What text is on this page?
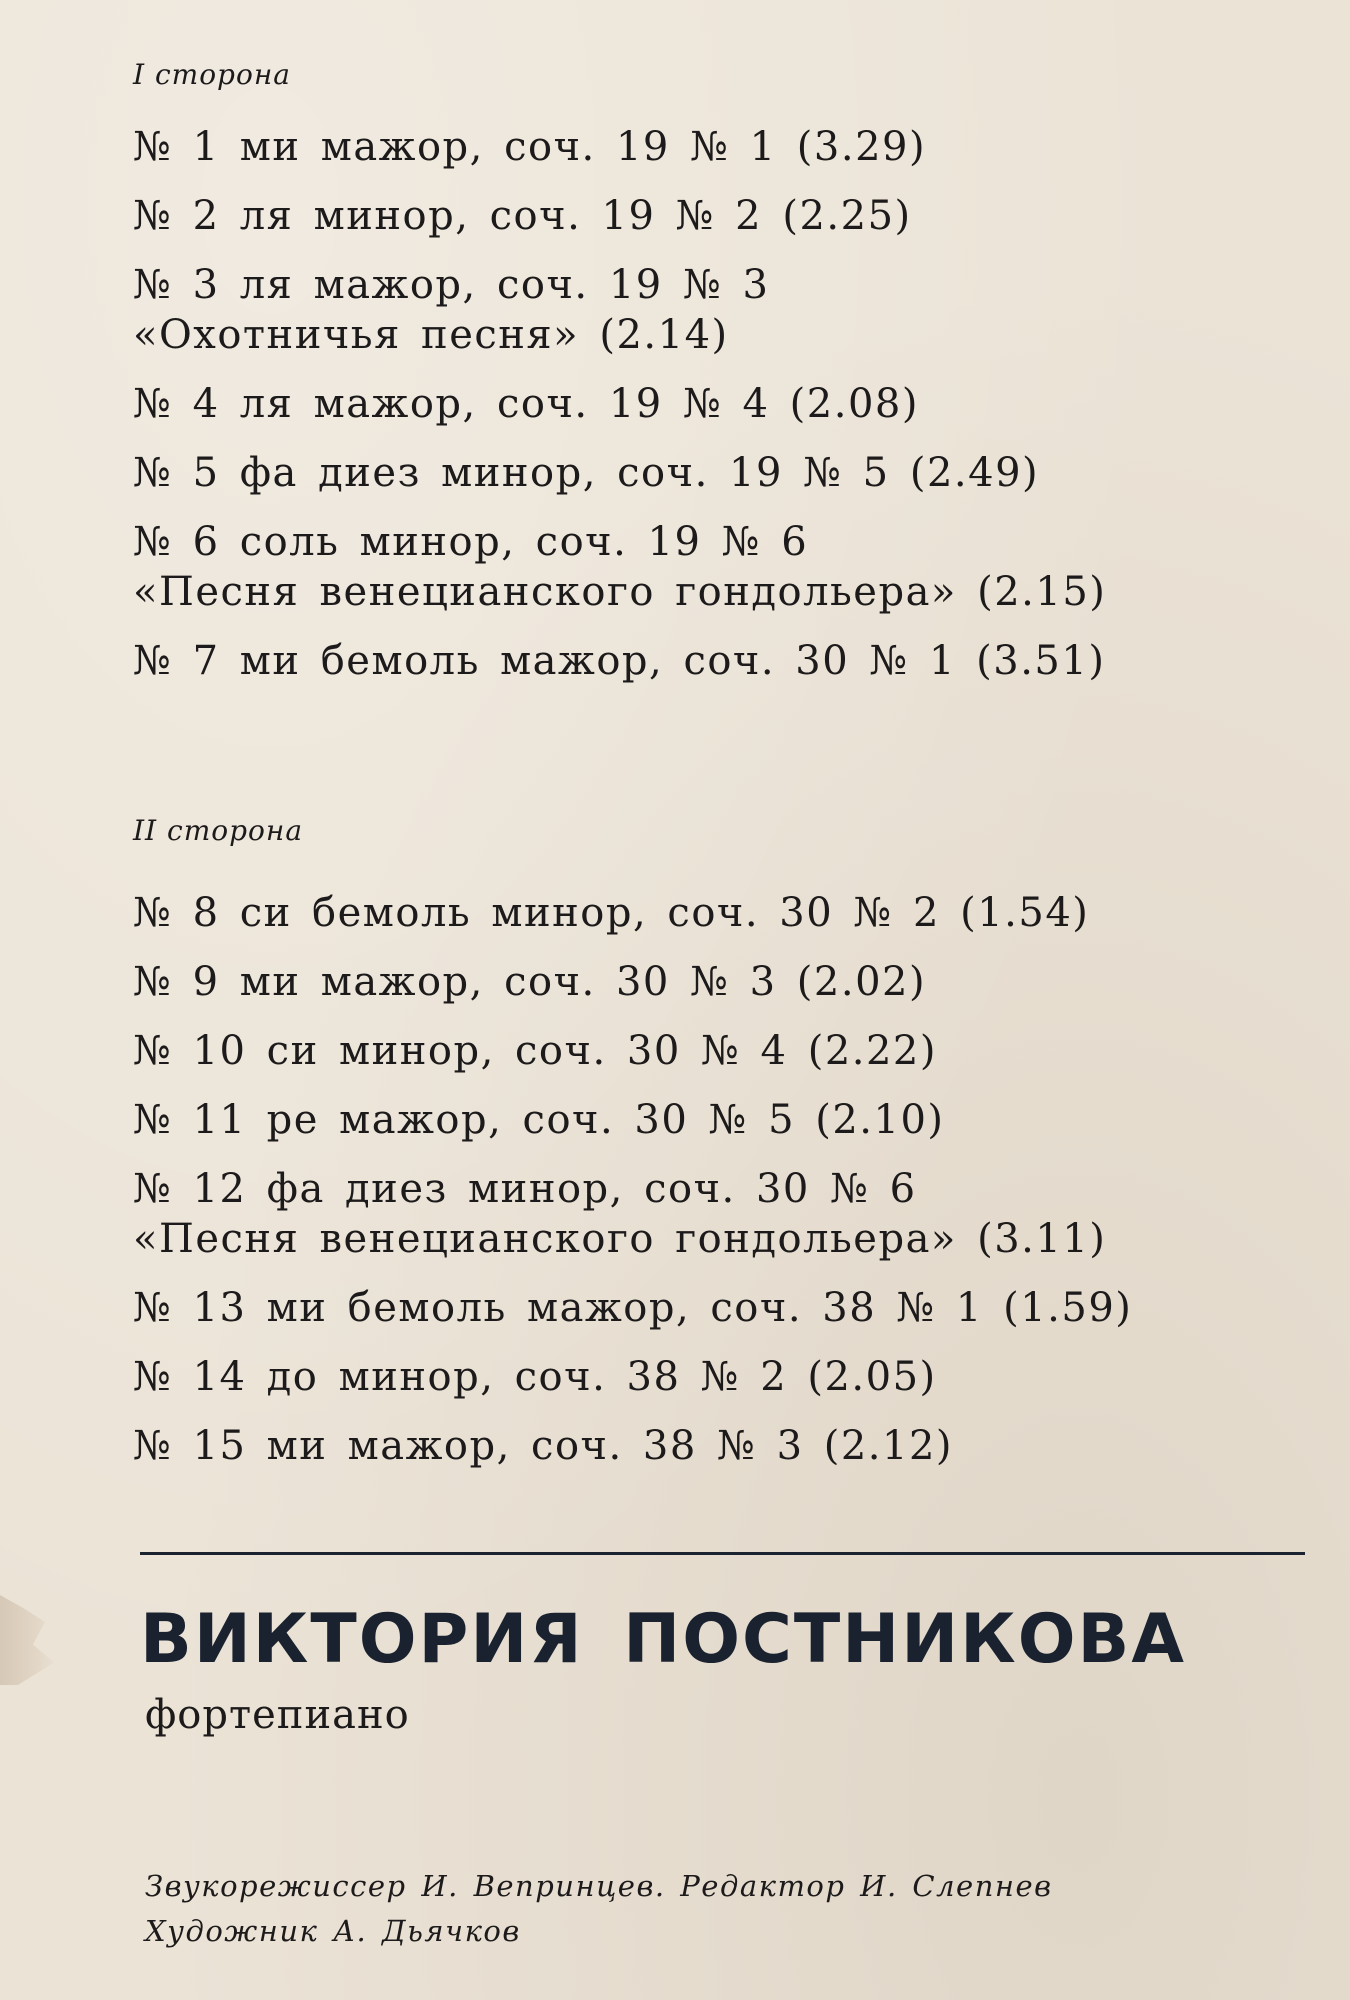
I сторона
№ 1 ми мажор, соч. 19 № 1 (3.29)
№ 2 ля минор, соч. 19 № 2 (2.25)
№ 3 ля мажор, соч. 19 № 3
«Охотничья песня» (2.14)
№ 4 ля мажор, соч. 19 № 4 (2.08)
№ 5 фа диез минор, соч. 19 № 5 (2.49)
№ 6 соль минор, соч. 19 № 6
«Песня венецианского гондольера» (2.15)
№ 7 ми бемоль мажор, соч. 30 № 1 (3.51)
II сторона
№ 8 си бемоль минор, соч. 30 № 2 (1.54)
№ 9 ми мажор, соч. 30 № 3 (2.02)
№ 10 си минор, соч. 30 № 4 (2.22)
№ 11 ре мажор, соч. 30 № 5 (2.10)
№ 12 фа диез минор, соч. 30 № 6
«Песня венецианского гондольера» (3.11)
№ 13 ми бемоль мажор, соч. 38 № 1 (1.59)
№ 14 до минор, соч. 38 № 2 (2.05)
№ 15 ми мажор, соч. 38 № 3 (2.12)
ВИКТОРИЯ ПОСТНИКОВА
фортепиано
Звукорежиссер И. Вепринцев. Редактор И. Слепнев
Художник А. Дьячков
